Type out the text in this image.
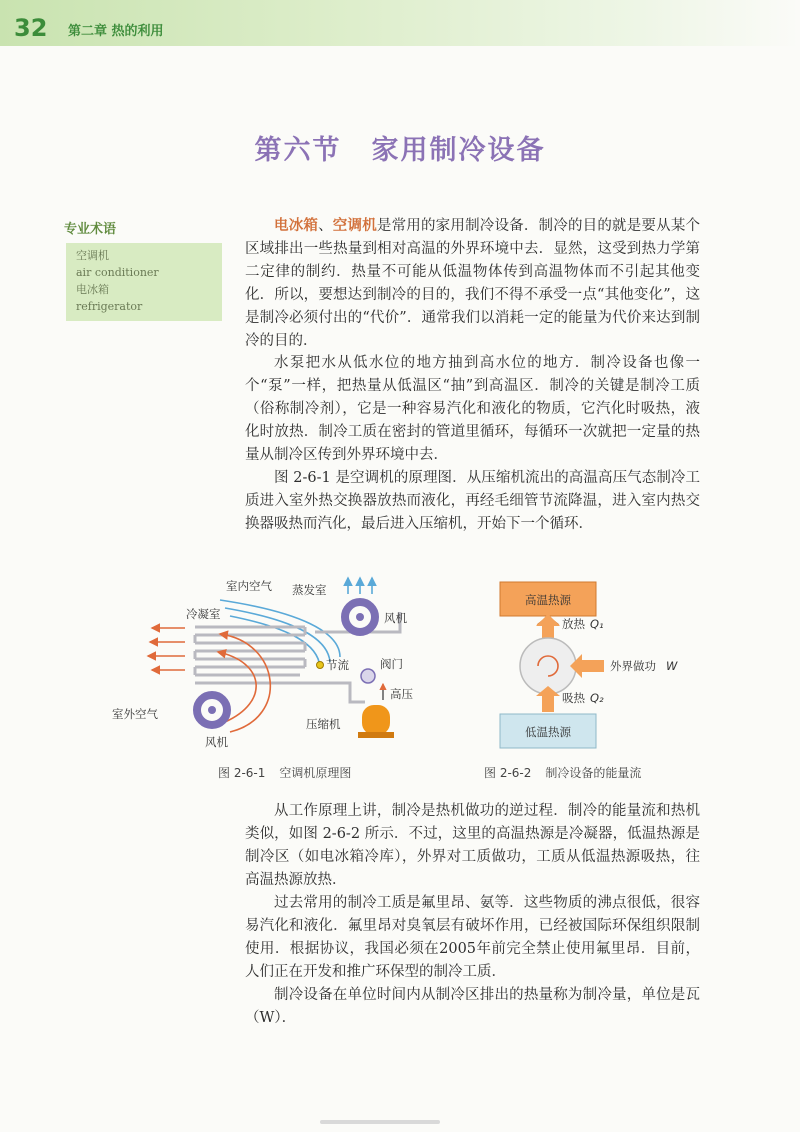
32 第二章 热的利用
第六节 家用制冷设备
专业术语
空调机
air conditioner
电冰箱
refrigerator
电冰箱、空调机是常用的家用制冷设备．制冷的目的就是要从某个区域排出一些热量到相对高温的外界环境中去．显然，这受到热力学第二定律的制约．热量不可能从低温物体传到高温物体而不引起其他变化．所以，要想达到制冷的目的，我们不得不承受一点“其他变化”，这是制冷必须付出的“代价”．通常我们以消耗一定的能量为代价来达到制冷的目的．
水泵把水从低水位的地方抽到高水位的地方．制冷设备也像一个“泵”一样，把热量从低温区“抽”到高温区．制冷的关键是制冷工质（俗称制冷剂），它是一种容易汽化和液化的物质，它汽化时吸热，液化时放热．制冷工质在密封的管道里循环，每循环一次就把一定量的热量从制冷区传到外界环境中去．
图 2-6-1 是空调机的原理图．从压缩机流出的高温高压气态制冷工质进入室外热交换器放热而液化，再经毛细管节流降温，进入室内热交换器吸热而汽化，最后进入压缩机，开始下一个循环．
室内空气 蒸发室
冷凝室	风机
节流	阀门
高压
室外空气
压缩机
风机
图 2-6-1 空调机原理图
高温热源
低温热源
放热 Q₁
外界做功 W
吸热 Q₂
图 2-6-2 制冷设备的能量流
从工作原理上讲，制冷是热机做功的逆过程．制冷的能量流和热机类似，如图 2-6-2 所示．不过，这里的高温热源是冷凝器，低温热源是制冷区（如电冰箱冷库），外界对工质做功，工质从低温热源吸热，往高温热源放热．
过去常用的制冷工质是氟里昂、氨等．这些物质的沸点很低，很容易汽化和液化．氟里昂对臭氧层有破坏作用，已经被国际环保组织限制使用．根据协议，我国必须在2005年前完全禁止使用氟里昂．目前，人们正在开发和推广环保型的制冷工质．
制冷设备在单位时间内从制冷区排出的热量称为制冷量，单位是瓦（W）．
